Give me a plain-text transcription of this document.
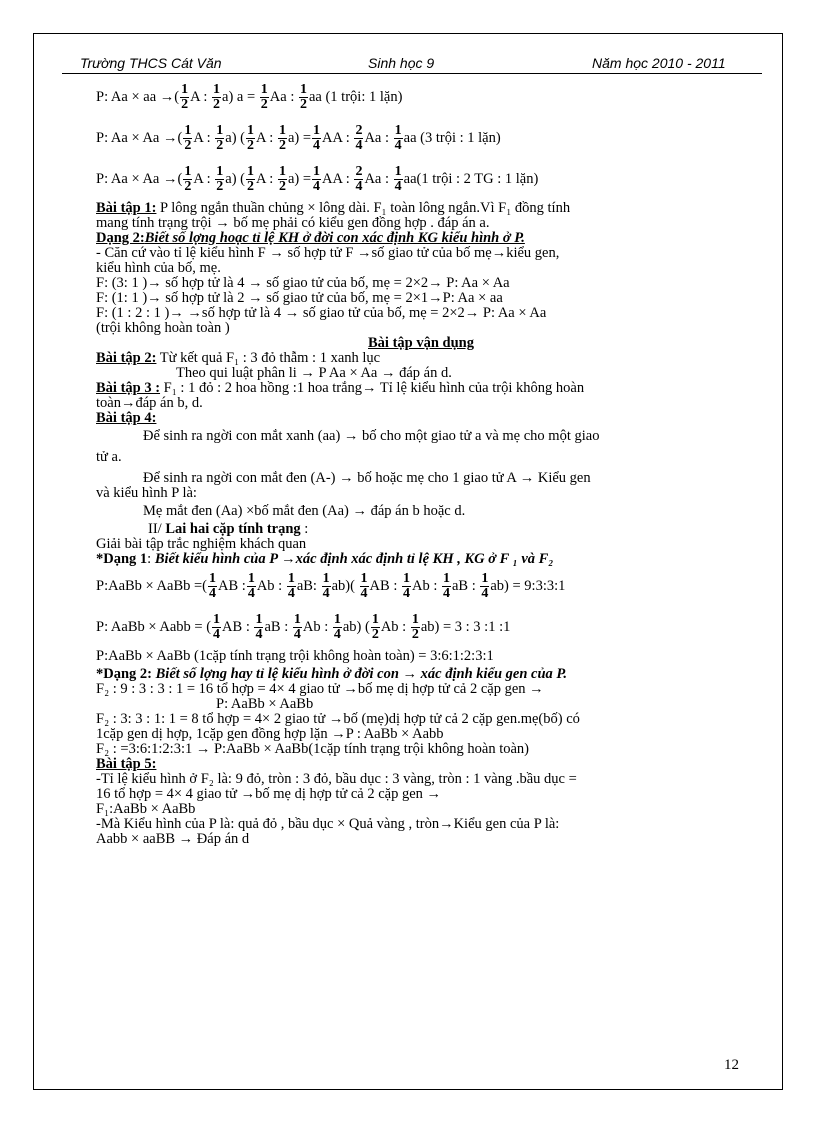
Trường THCS Cát Văn	Sinh học 9	Năm học 2010 - 2011
P: Aa × aa →( $\frac{1}{2}$ A : $\frac{1}{2} a$) $a = \frac{1}{2}$ Aa : $\frac{1}{2}$ aa (1 trội: 1 lặn)
P: Aa × Aa →( $\frac{1}{2}$ A : $\frac{1}{2} a$) ( $\frac{1}{2}$ A : $\frac{1}{2} a) = \frac{1}{4}$ AA : $\frac{2}{4}$ Aa : $\frac{1}{4}$ aa (3 trội : 1 lặn)
P: Aa × Aa →( $\frac{1}{2}$ A : $\frac{1}{2} a$) ( $\frac{1}{2}$ A : $\frac{1}{2} a) = \frac{1}{4}$ AA : $\frac{2}{4}$ Aa : $\frac{1}{4} aa(1$ trội : 2 TG : 1 lặn)
Bài tập 1: P lông ngắn thuần chủng × lông dài. F₁ toàn lông ngắn.Vì F₁ đồng tính
mang tính trạng trội → bố mẹ phải có kiểu gen đồng hợp . đáp án a.
Dạng 2:Biết số lợng hoạc tỉ lệ KH ở đời con xác định KG kiểu hình ở P.
- Căn cứ vào tỉ lệ kiểu hình F → số hợp tử F →số giao tử của bố mẹ→kiểu gen,
kiểu hình của bố, mẹ.
F: (3: 1 )→ số hợp tử là 4 → số giao tử của bố, mẹ = 2×2→ P: Aa × Aa
F: (1: 1 )→ số hợp tử là 2 → số giao tử của bố, mẹ = 2×1→P: Aa × aa
F: (1 : 2 : 1 )→ →số hợp tử là 4 → số giao tử của bố, mẹ = 2×2→ P: Aa × Aa
(trội không hoàn toàn )
Bài tập vận dụng
Bài tập 2: Từ kết quả F₁ : 3 đỏ thẫm : 1 xanh lục
Theo qui luật phân li → P Aa × Aa → đáp án d.
Bài tập 3 : F₁ : 1 đỏ : 2 hoa hồng :1 hoa trắng→ Tỉ lệ kiểu hình của trội không hoàn
toàn→đáp án b, d.
Bài tập 4:
Để sinh ra ngời con mắt xanh (aa) → bố cho một giao tử a và mẹ cho một giao
tử a.
Để sinh ra ngời con mắt đen (A-) → bố hoặc mẹ cho 1 giao tử A → Kiểu gen
và kiểu hình P là:
Mẹ mắt đen (Aa) ×bố mắt đen (Aa) → đáp án b hoặc d.
II/ Lai hai cặp tính trạng :
Giải bài tập trắc nghiệm khách quan
*Dạng 1: Biết kiểu hình của P →xác định xác định tỉ lệ KH , KG ở F ₁ và F₂
P:AaBb × AaBb =( $\frac{1}{4}$ AB : $\frac{1}{4}$ Ab : $\frac{1}{4}$ aB: $\frac{1}{4} ab)( \frac{1}{4}$ AB : $\frac{1}{4}$ Ab : $\frac{1}{4}$ aB : $\frac{1}{4} ab$) = 9:3:3:1
P: AaBb × Aabb = ( $\frac{1}{4}$ AB : $\frac{1}{4}$ aB : $\frac{1}{4}$ Ab : $\frac{1}{4} ab$) ( $\frac{1}{2}$ Ab : $\frac{1}{2} ab) = 3$ : 3 :1 :1
P:AaBb × AaBb (1cặp tính trạng trội không hoàn toàn) = 3:6:1:2:3:1
*Dạng 2: Biết số lợng hay tỉ lệ kiểu hình ở đời con → xác định kiểu gen của P.
F₂ : 9 : 3 : 3 : 1 = 16 tổ hợp = 4× 4 giao tử →bố mẹ dị hợp tử cả 2 cặp gen →
P: AaBb × AaBb
F₂ : 3: 3 : 1: 1 = 8 tổ hợp = 4× 2 giao tử →bố (mẹ)dị hợp tử cả 2 cặp gen.mẹ(bố) có
1cặp gen dị hợp, 1cặp gen đồng hợp lặn →P : AaBb × Aabb
F₂ : =3:6:1:2:3:1 → P:AaBb × AaBb(1cặp tính trạng trội không hoàn toàn)
Bài tập 5:
-Tỉ lệ kiểu hình ở F₂ là: 9 đỏ, tròn : 3 đỏ, bầu dục : 3 vàng, tròn : 1 vàng .bầu dục =
16 tổ hợp = 4× 4 giao tử →bố mẹ dị hợp tử cả 2 cặp gen →
F₁:AaBb × AaBb
-Mà Kiểu hình của P là: quả đỏ , bầu dục × Quả vàng , tròn→Kiểu gen của P là:
Aabb × aaBB → Đáp án d
12
